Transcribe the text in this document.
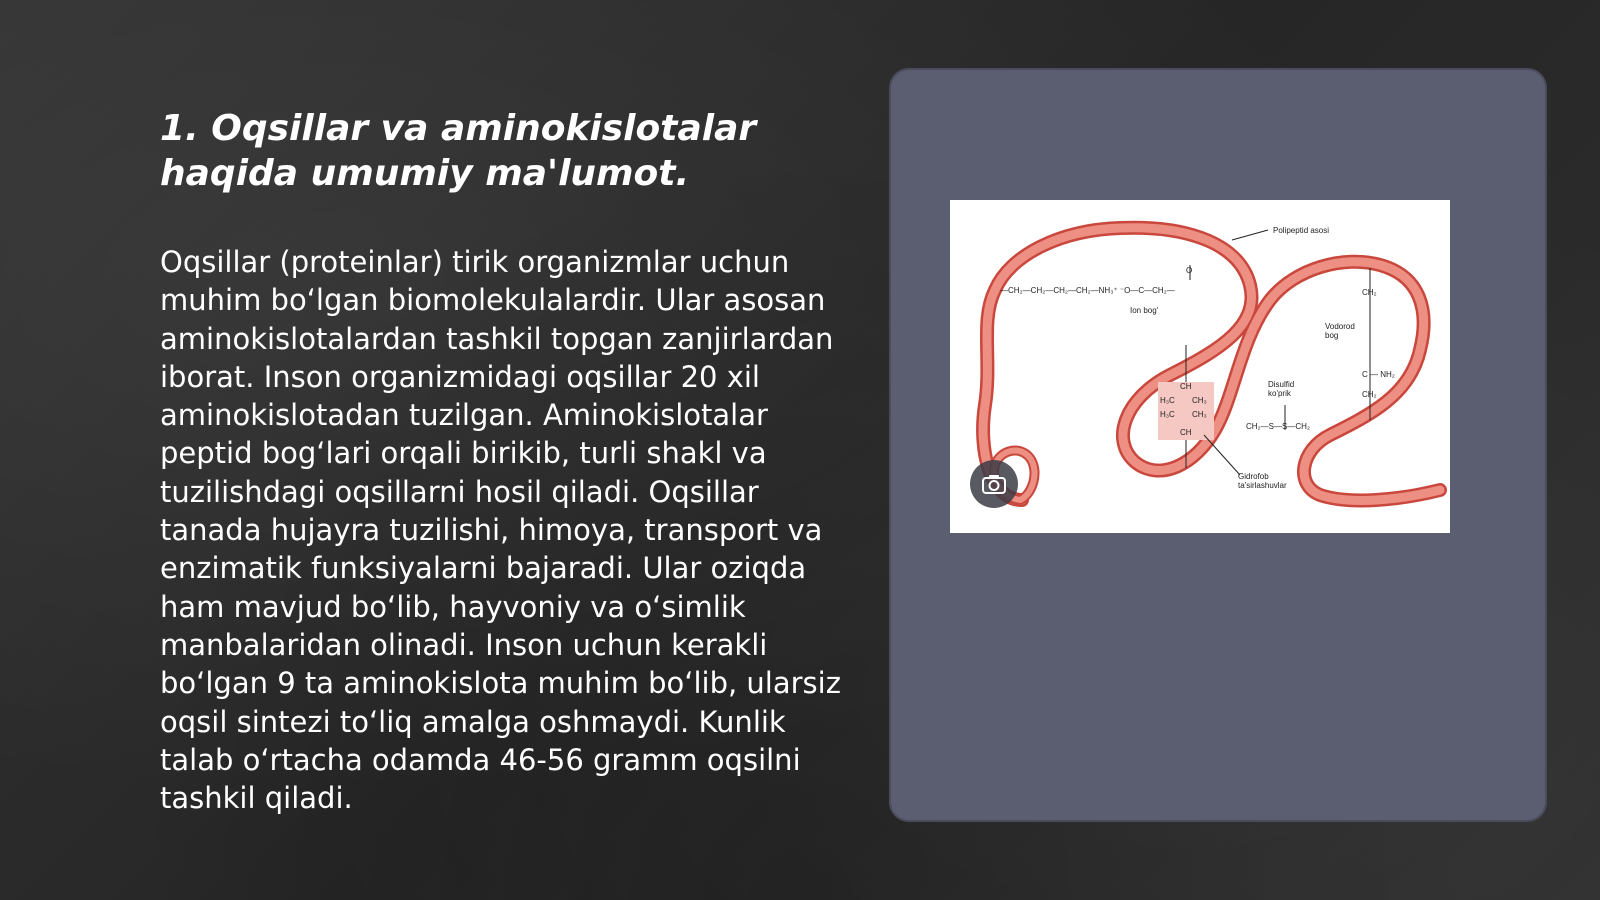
1. Oqsillar va aminokislotalar haqida umumiy ma'lumot.

Oqsillar (proteinlar) tirik organizmlar uchun muhim bo‘lgan biomolekulalardir. Ular asosan aminokislotalardan tashkil topgan zanjirlardan iborat. Inson organizmidagi oqsillar 20 xil aminokislotadan tuzilgan. Aminokislotalar peptid bog‘lari orqali birikib, turli shakl va tuzilishdagi oqsillarni hosil qiladi. Oqsillar tanada hujayra tuzilishi, himoya, transport va enzimatik funksiyalarni bajaradi. Ular oziqda ham mavjud bo‘lib, hayvoniy va o‘simlik manbalaridan olinadi. Inson uchun kerakli bo‘lgan 9 ta aminokislota muhim bo‘lib, ularsiz oqsil sintezi to‘liq amalga oshmaydi. Kunlik talab o‘rtacha odamda 46-56 gramm oqsilni tashkil qiladi.

Polipeptid asosi
O
—CH₂—CH₂—CH₂—CH₂—NH₃⁺ ⁻O—C—CH₂—
Ion bog'
CH₂
Vodorod bog
C — NH₂
CH₂
Disulfid ko'prik
CH₂—S—S—CH₂
CH
H₃C CH₃
H₃C CH₃
CH
Gidrofob ta'sirlashuvlar
